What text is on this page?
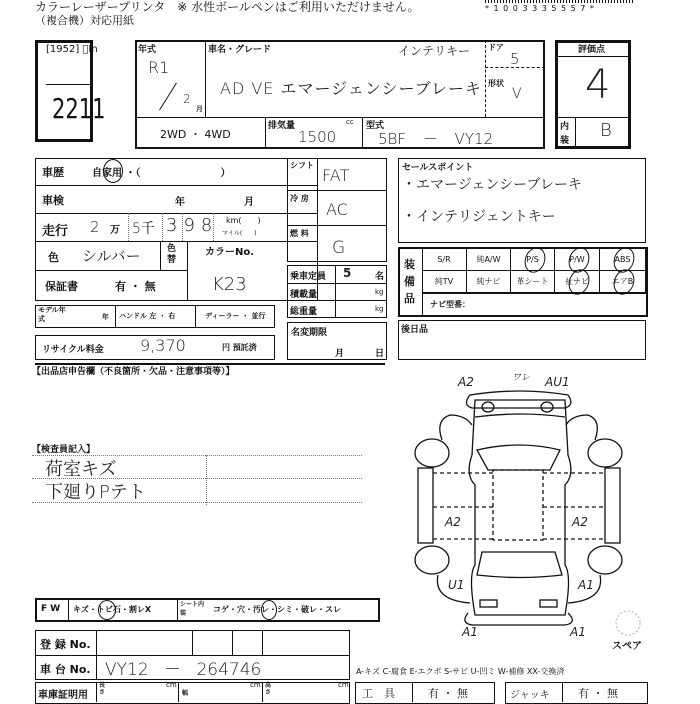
カラーレーザープリンタ　※ 水性ボールペンはご利用いただけません。
（複合機）対応用紙
* 1 0 0 3 3 3 5 5 5 7 *
[1952] ﾟIn
2211
年式
R1
2
月
車名・グレード	インテリキー
AD VE エマージェンシーブレーキ
ドア
5
形状
V
2WD ・ 4WD
排気量	cc
1500
型式
5BF － VY12
評価点
4
内
装 B
車歴	自家用 ・（　　　　　　　　）
車検	年	月
走行 2 万 5千 398 km(　　)
マイル(　　)
色 シルバー	色替
カラーNo.
K23
保証書	有 ・ 無
モデル年式	年 ハンドル 左 ・ 右	ディーラー ・ 並行
リサイクル料金 9,370	円 預託済
シフト
FAT
冷 房
AC
燃 料
G
乗車定員 5	名
積載量	kg
総重量	kg
名変期限
月	日
セールスポイント
・エマージェンシーブレーキ
・インテリジェントキー
装備品
S/R	純A/W	P/S	P/W	ABS
純TV	純ナビ	革シート	社ナビ	エアB
ナビ型番：
後日品
【出品店申告欄（不良箇所・欠品・注意事項等）】
【検査員記入】
荷室キズ
下廻りPテト
A2	ワレ AU1
A2	A2
U1	A1
A1	A1
スペア
F W キズ・トビ石・割レX
シート内装	コゲ・穴・汚レ・シミ・破レ・スレ
登 録 No.
車 台 No. VY12 － 264746	A-キズ C-腐食 E-エクボ S-サビ U-凹ミ W-補修 XX-交換済
車庫証明用
長さ
cm
幅
cm 高さ
cm
工　具	有 ・ 無	ジャッキ	有 ・ 無
